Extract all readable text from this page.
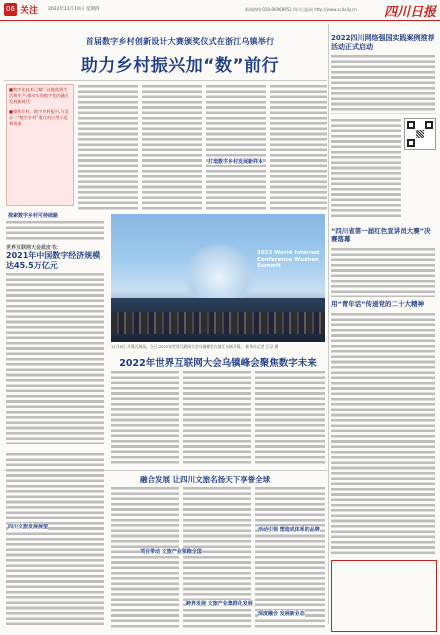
06 关注 2022年11月10日 星期四	新闻热线:028-86968952 四川日报网 http://www.scdaily.cn 四川日报
首届数字乡村创新设计大赛颁奖仪式在浙江乌镇举行
助力乡村振兴加“数”前行
■数字化技术已赋广泛地落到生活和生产,推动实现数字化的融合发展新时代
■聚焦乡村、数字乡村振兴,与北京二“数字乡村”重点的应用示范和效果
探索数字乡村可持续路
打造数字乡村发展新样本
世界互联网大会蓝皮书:
2021年中国数字经济规模达45.5万亿元
2022 World Internet Conference Wuzhen Summit
11月9日,开幕式现场。当日,2022年世界互联网大会乌镇峰会在浙江乌镇开幕。 新华社记者 江汉 摄
2022年世界互联网大会乌镇峰会聚焦数字未来
2022四川网络强国实践案例推荐活动正式启动
“四川省第一届红色宣讲员大赛”决赛落幕
用“青年话”传递党的二十大精神
融合发展 让四川文旅名扬天下享誉全球
项目带动 文旅产业领跑全国
四川文旅发展展望	活动引领 塑造成体系的品牌
跨界发展 文旅产业集群化发展
深度融合 发展新业态
